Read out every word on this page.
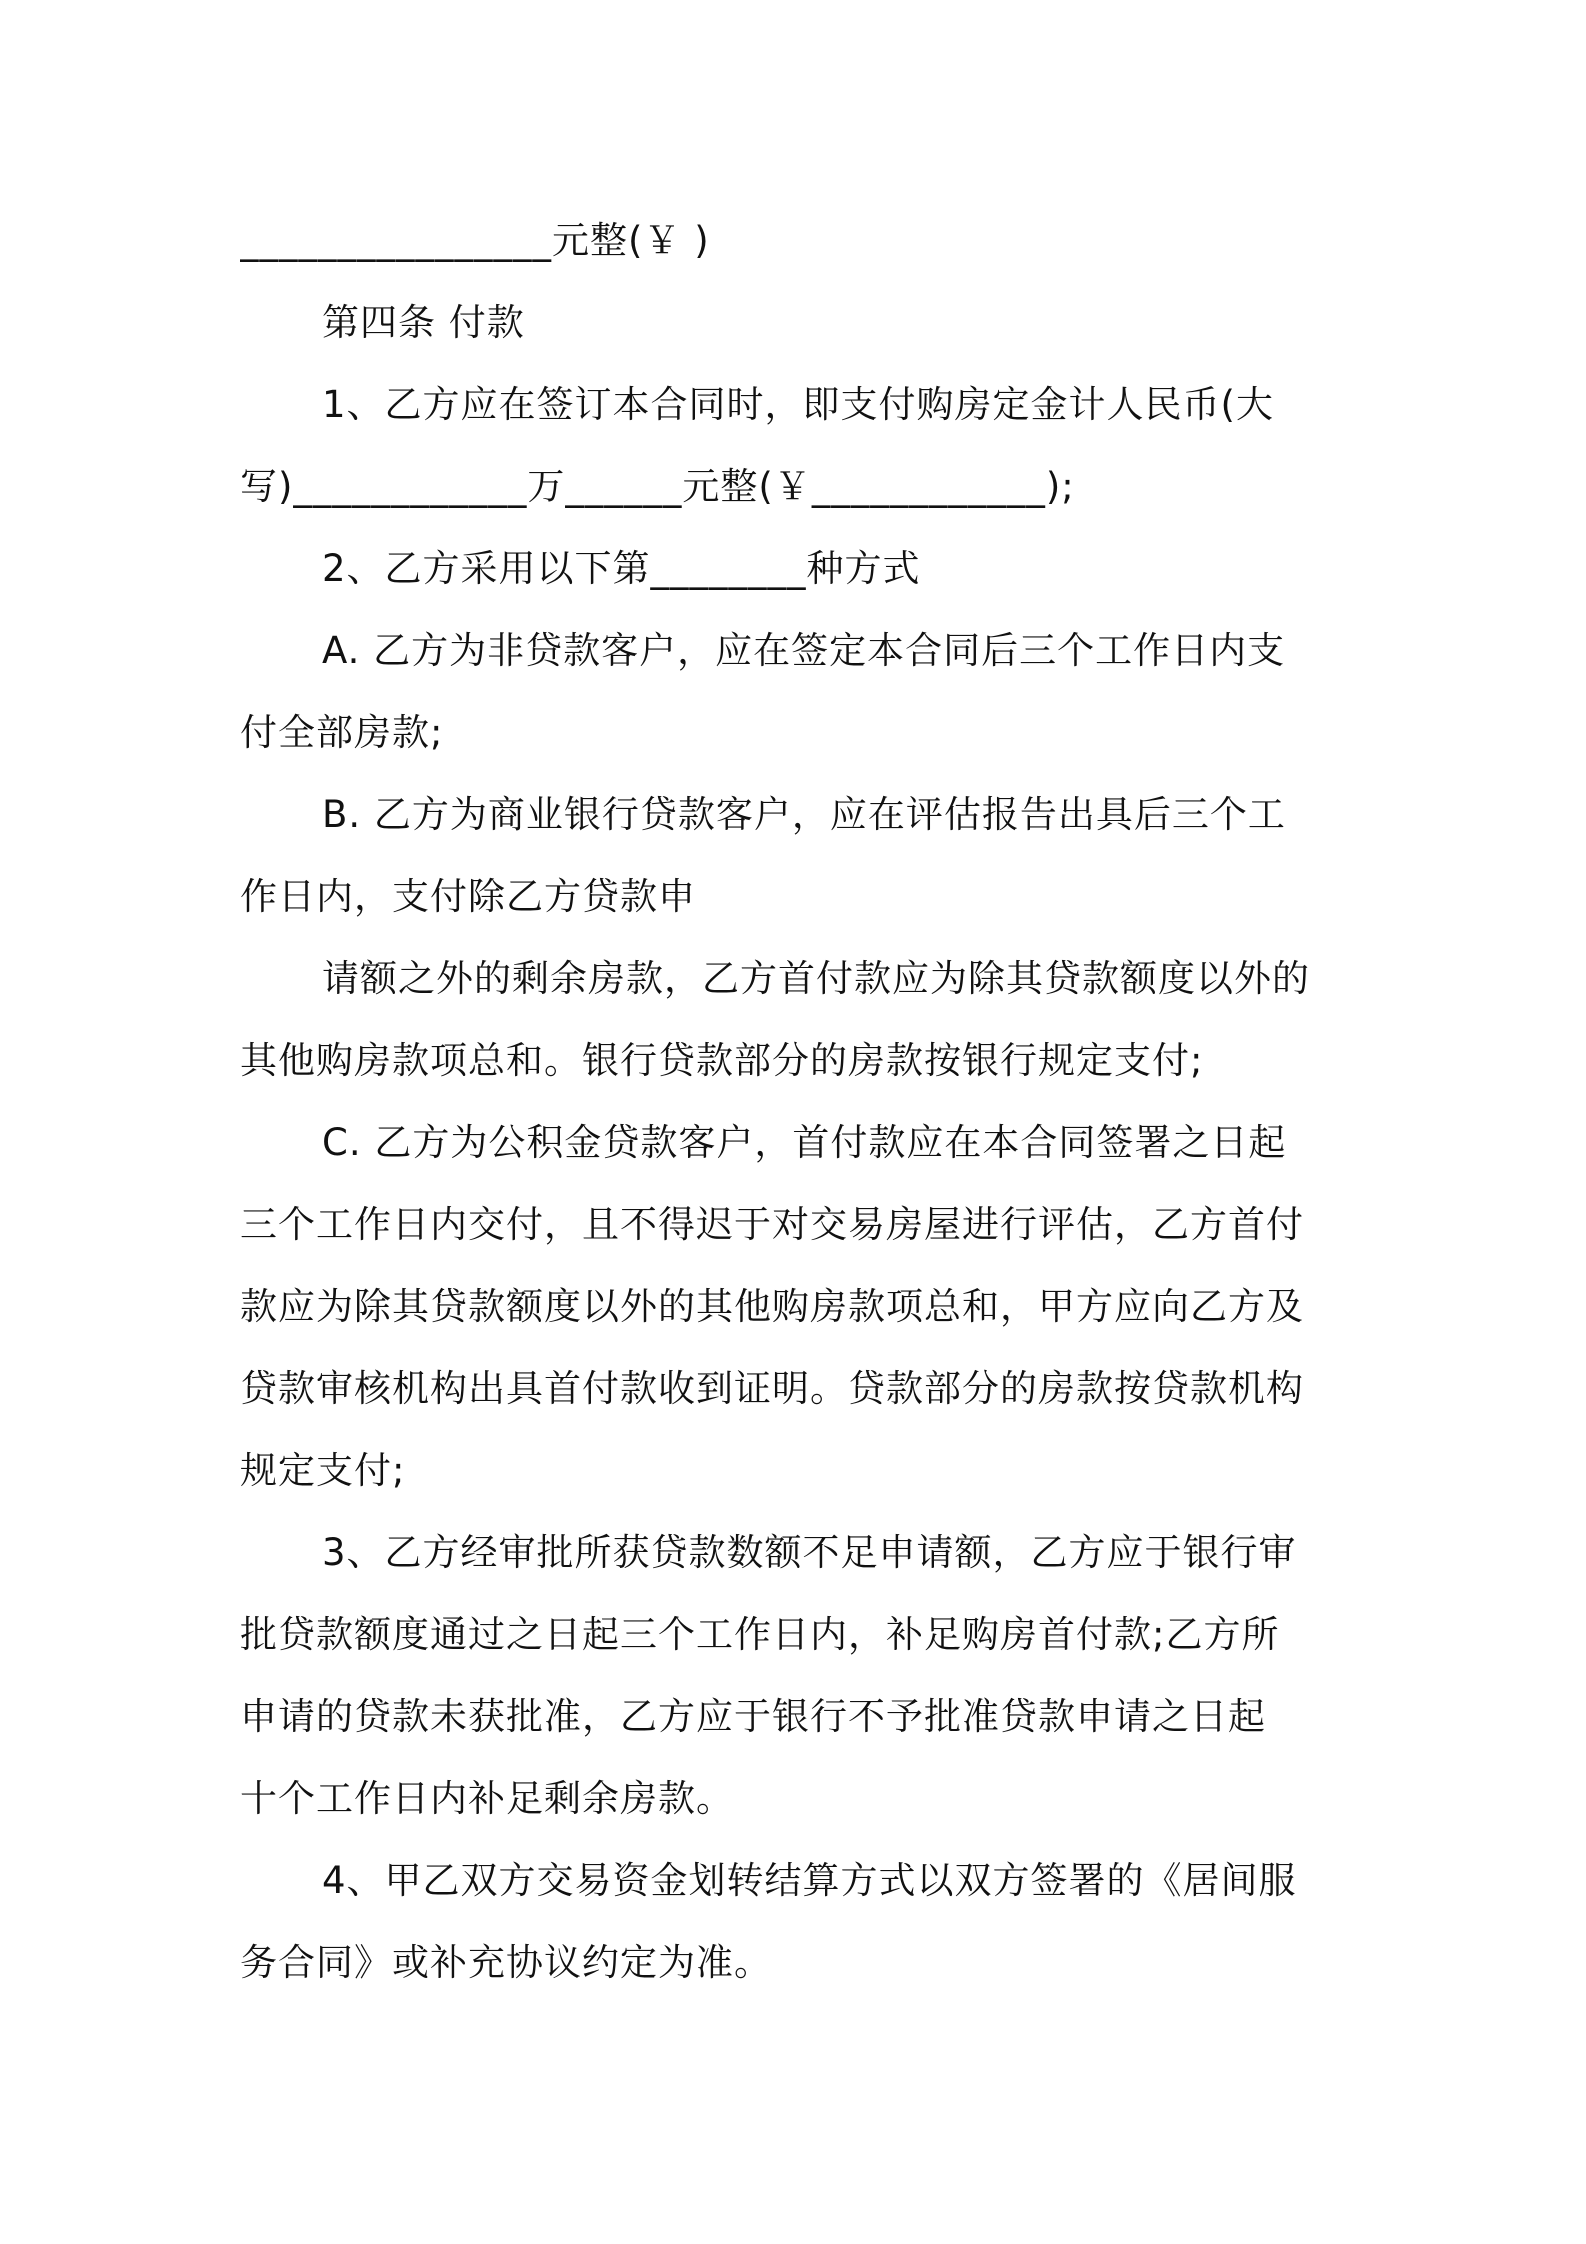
________________元整(￥ )
第四条 付款
1、乙方应在签订本合同时，即支付购房定金计人民币(大
写)____________万______元整(￥____________);
2、乙方采用以下第________种方式
A. 乙方为非贷款客户，应在签定本合同后三个工作日内支
付全部房款;
B. 乙方为商业银行贷款客户，应在评估报告出具后三个工
作日内，支付除乙方贷款申
请额之外的剩余房款，乙方首付款应为除其贷款额度以外的
其他购房款项总和。银行贷款部分的房款按银行规定支付;
C. 乙方为公积金贷款客户，首付款应在本合同签署之日起
三个工作日内交付，且不得迟于对交易房屋进行评估，乙方首付
款应为除其贷款额度以外的其他购房款项总和，甲方应向乙方及
贷款审核机构出具首付款收到证明。贷款部分的房款按贷款机构
规定支付;
3、乙方经审批所获贷款数额不足申请额，乙方应于银行审
批贷款额度通过之日起三个工作日内，补足购房首付款;乙方所
申请的贷款未获批准，乙方应于银行不予批准贷款申请之日起
十个工作日内补足剩余房款。
4、甲乙双方交易资金划转结算方式以双方签署的《居间服
务合同》或补充协议约定为准。
